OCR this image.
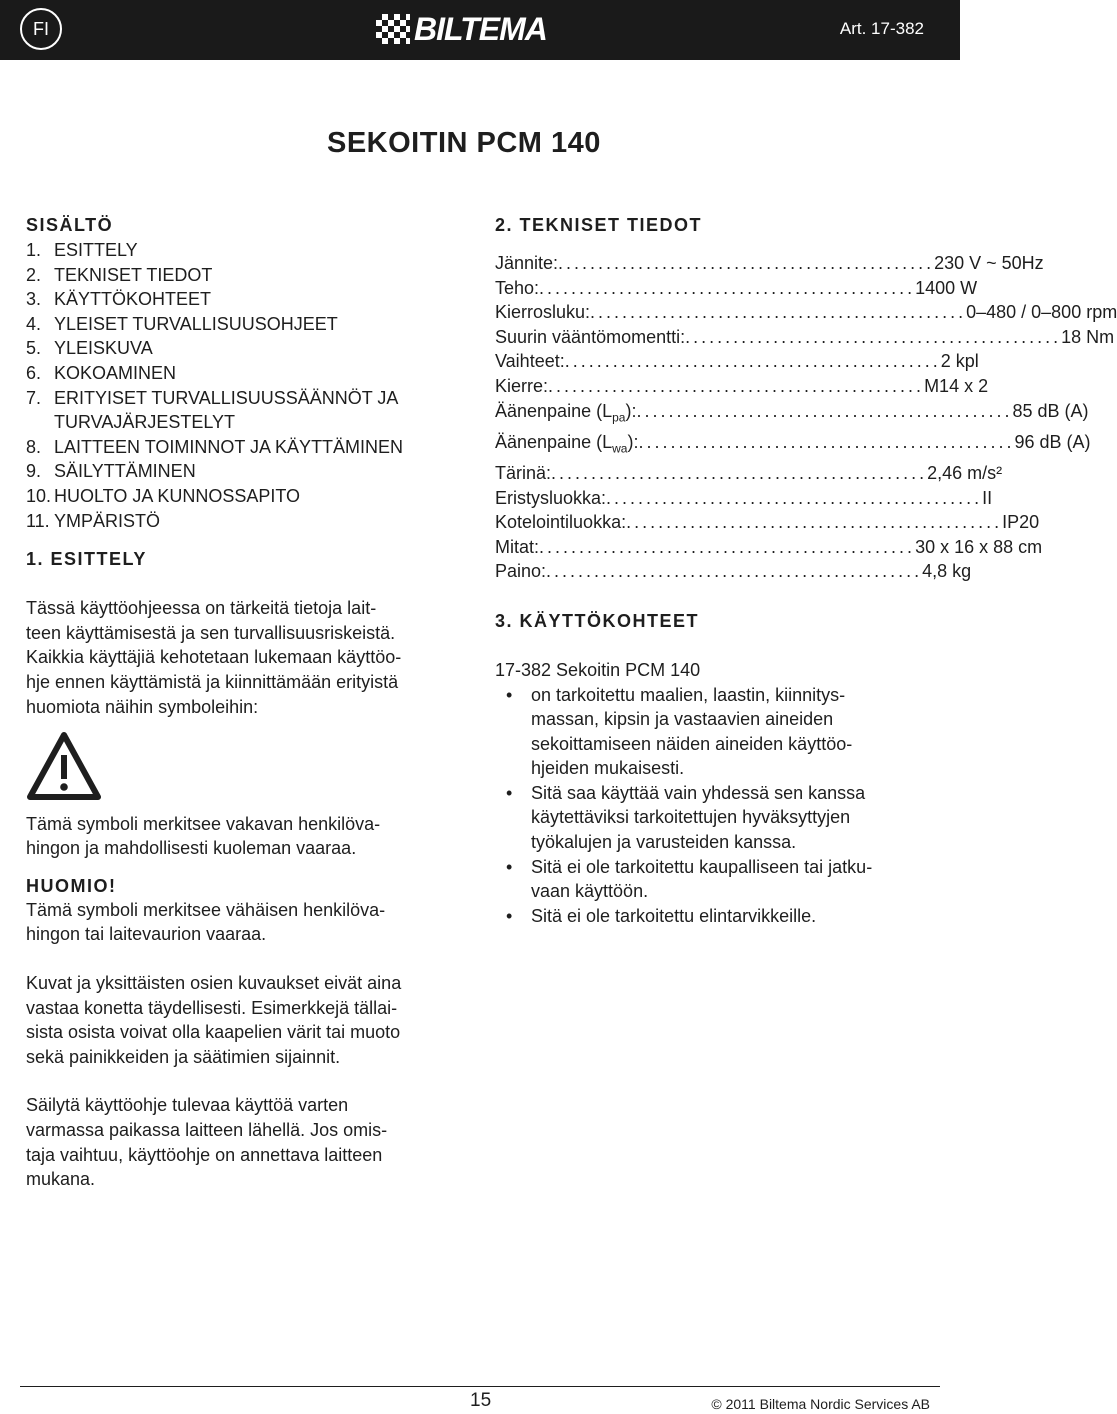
FI	BILTEMA	Art. 17-382
SEKOITIN PCM 140
SISÄLTÖ
1. ESITTELY
2. TEKNISET TIEDOT
3. KÄYTTÖKOHTEET
4. YLEISET TURVALLISUUSOHJEET
5. YLEISKUVA
6. KOKOAMINEN
7. ERITYISET TURVALLISUUSSÄÄNNÖT JA
TURVAJÄRJESTELYT
8. LAITTEEN TOIMINNOT JA KÄYTTÄMINEN
9. SÄILYTTÄMINEN
10. HUOLTO JA KUNNOSSAPITO
11. YMPÄRISTÖ
1. ESITTELY

Tässä käyttöohjeessa on tärkeitä tietoja lait-
teen käyttämisestä ja sen turvallisuusriskeistä.
Kaikkia käyttäjiä kehotetaan lukemaan käyttöo-
hje ennen käyttämistä ja kiinnittämään erityistä
huomiota näihin symboleihin:

Tämä symboli merkitsee vakavan henkilöva-
hingon ja mahdollisesti kuoleman vaaraa.

HUOMIO!

Tämä symboli merkitsee vähäisen henkilöva-
hingon tai laitevaurion vaaraa.

Kuvat ja yksittäisten osien kuvaukset eivät aina
vastaa konetta täydellisesti. Esimerkkejä tällai-
sista osista voivat olla kaapelien värit tai muoto
sekä painikkeiden ja säätimien sijainnit.

Säilytä käyttöohje tulevaa käyttöä varten
varmassa paikassa laitteen lähellä. Jos omis-
taja vaihtuu, käyttöohje on annettava laitteen
mukana.

2. TEKNISET TIEDOT
Jännite: ............................................... 230 V ~ 50Hz
Teho: ............................................... 1400 W
Kierrosluku: ............................................... 0–480 / 0–800 rpm
Suurin vääntömomentti: ............................................... 18 Nm
Vaihteet: ............................................... 2 kpl
Kierre: ............................................... M14 x 2
Äänenpaine $(L_{pa})$: ............................................... 85 dB (A)
Äänenpaine $(L_{wa})$: ............................................... 96 dB (A)
Tärinä: ............................................... 2,46 m/s²
Eristysluokka: ............................................... II
Kotelointiluokka: ............................................... IP20
Mitat: ............................................... 30 x 16 x 88 cm
Paino: ............................................... 4,8 kg
3. KÄYTTÖKOHTEET

17-382 Sekoitin PCM 140

• on tarkoitettu maalien, laastin, kiinnitys-
massan, kipsin ja vastaavien aineiden
sekoittamiseen näiden aineiden käyttöo-
hjeiden mukaisesti.
• Sitä saa käyttää vain yhdessä sen kanssa
käytettäviksi tarkoitettujen hyväksyttyjen
työkalujen ja varusteiden kanssa.
• Sitä ei ole tarkoitettu kaupalliseen tai jatku-
vaan käyttöön.
• Sitä ei ole tarkoitettu elintarvikkeille.
15	© 2011 Biltema Nordic Services AB
